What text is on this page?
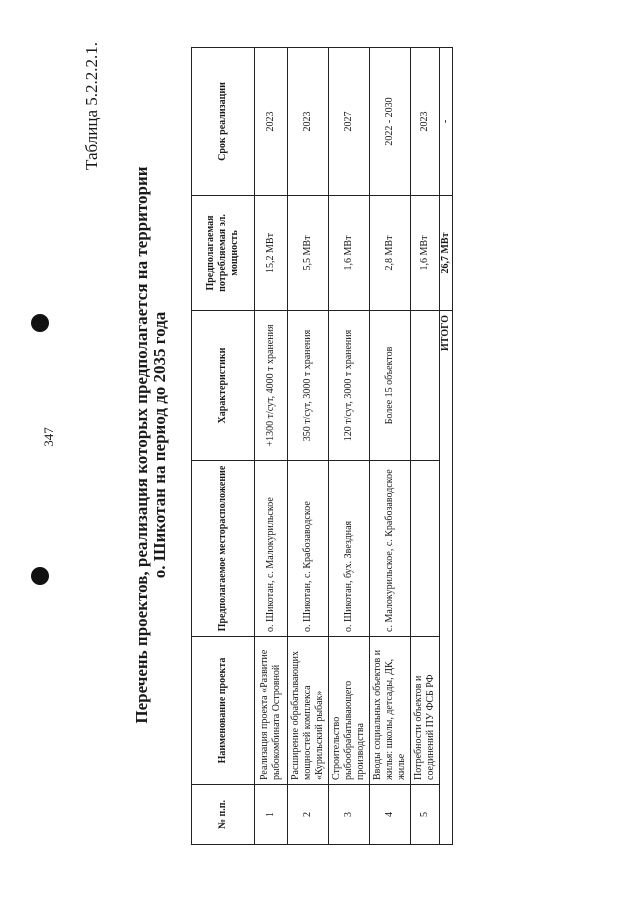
347
Таблица 5.2.2.2.1.
Перечень проектов, реализация которых предполагается на территории о. Шикотан на период до 2035 года
№ п.п.	Наименование проекта	Предполагаемое месторасположение	Характеристики	Предполагаемая потребляемая эл. мощность	Срок реализации
1	Реализация проекта «Развитие рыбокомбината Островной	о. Шикотан, с. Малокурильское	+1300 т/сут, 4000 т хранения	15,2 МВт	2023
2	Расширение обрабатывающих мощностей комплекса «Курильский рыбак»	о. Шикотан, с. Крабозаводское	350 т/сут, 3000 т хранения	5,5 МВт	2023
3	Строительство рыбообрабатывающего производства	о. Шикотан, бух. Звездная	120 т/сут, 3000 т хранения	1,6 МВт	2027
4	Вводы социальных объектов и жилья: школы, детсады, ДК, жилье	с. Малокурильское, с. Крабозаводское	Более 15 объектов	2,8 МВт	2022 - 2030
5	Потребности объектов и соединений ПУ ФСБ РФ			1,6 МВт	2023
ИТОГО				26,7 МВт	-
